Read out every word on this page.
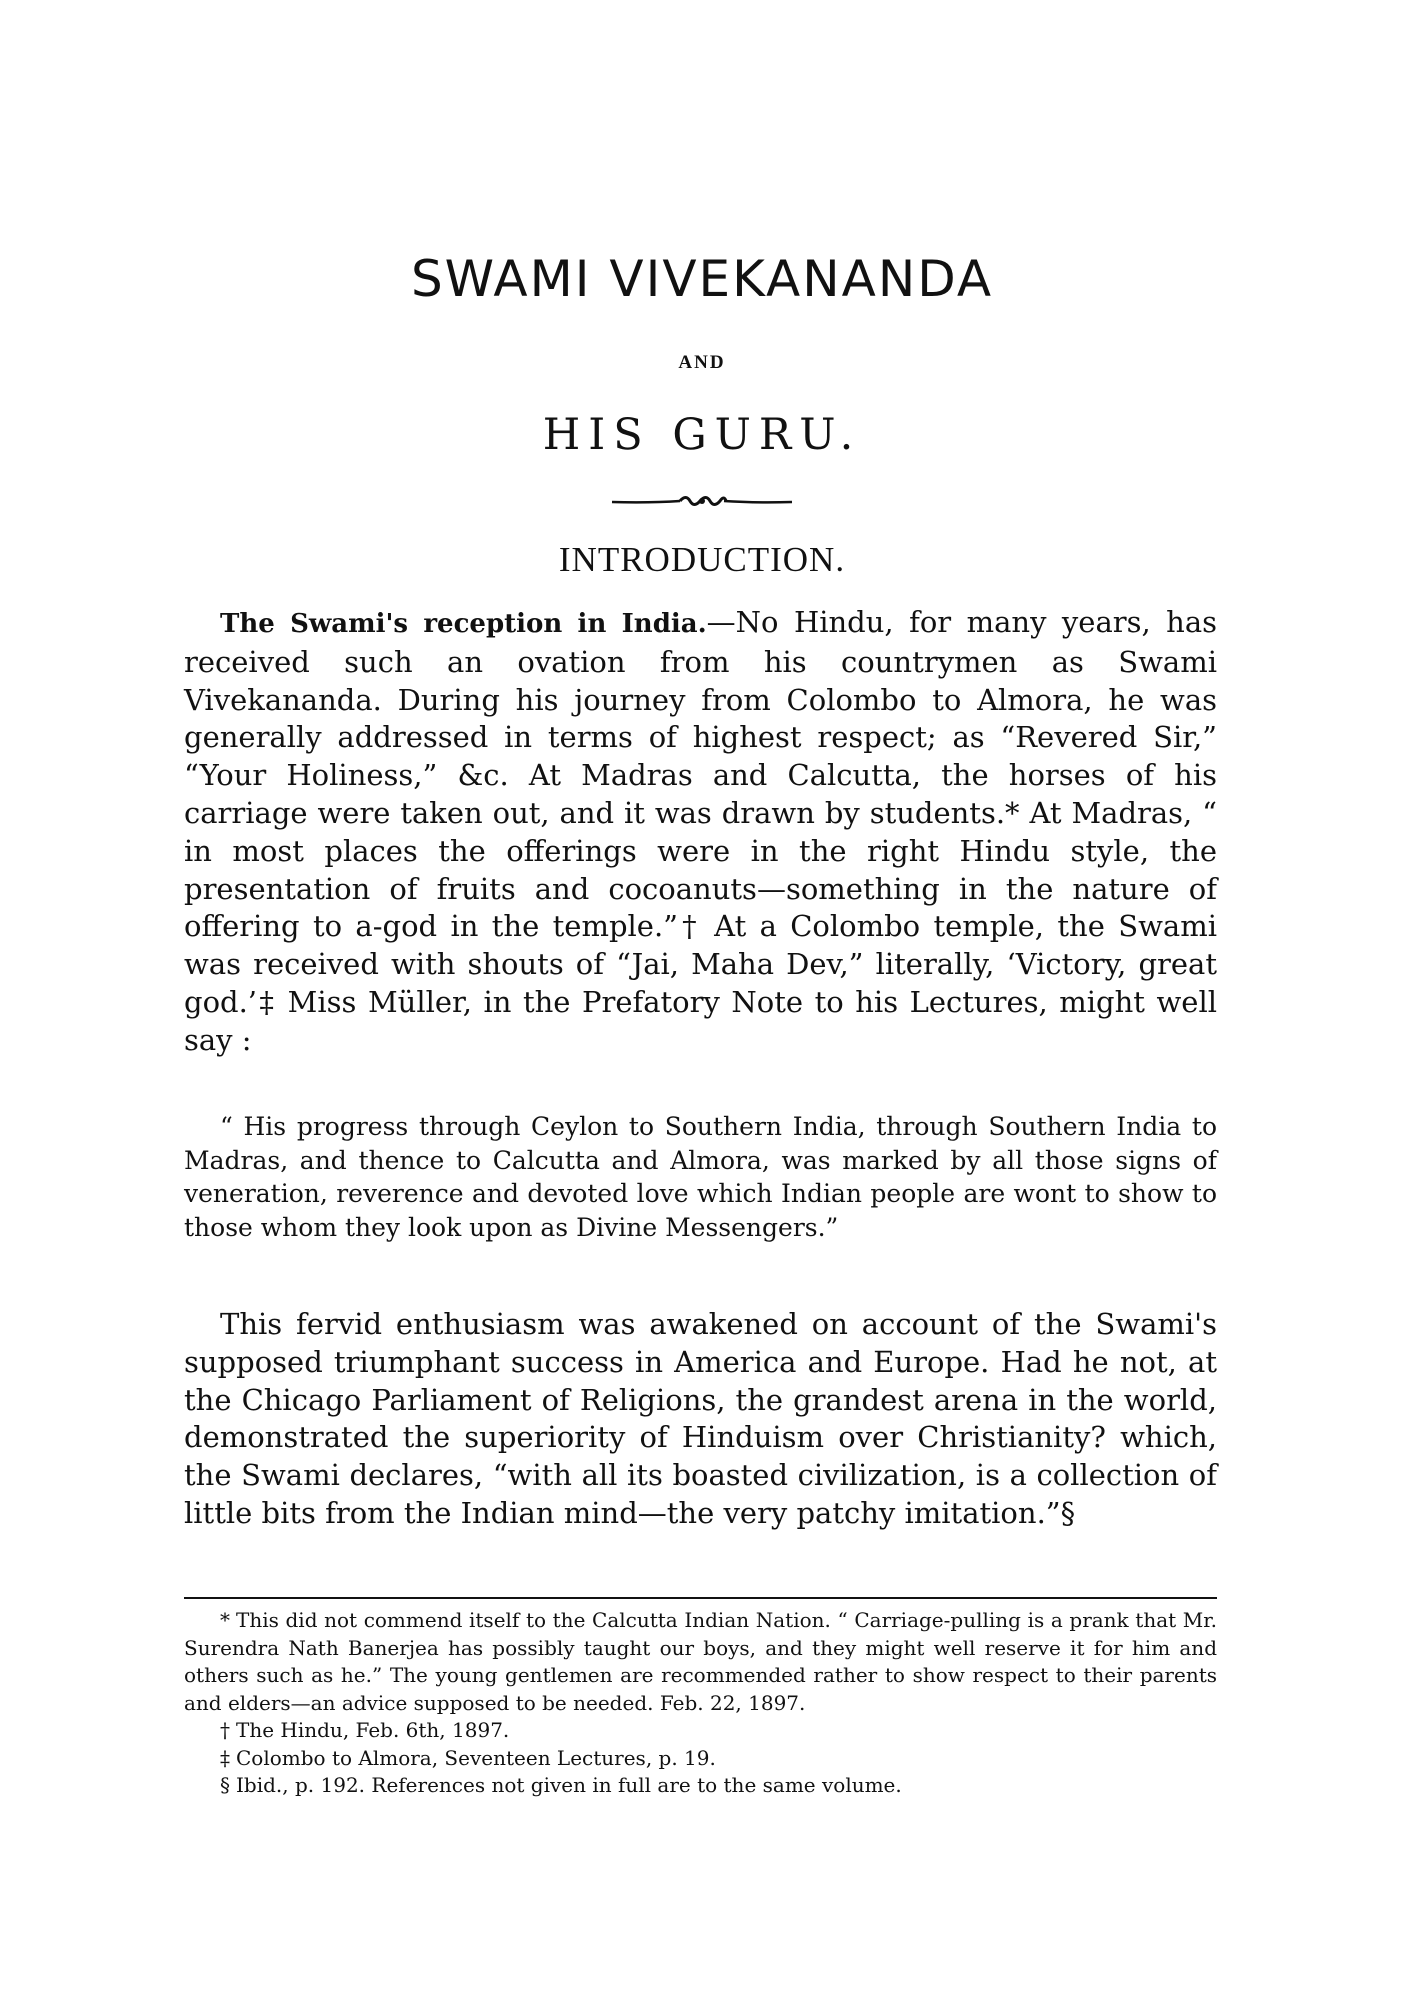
SWAMI VIVEKANANDA
AND
HIS GURU.
INTRODUCTION.
The Swami's reception in India.—No Hindu, for many years, has received such an ovation from his countrymen as Swami Vivekananda. During his journey from Colombo to Almora, he was generally addressed in terms of highest respect; as “Revered Sir,” “Your Holiness,” &c. At Madras and Calcutta, the horses of his carriage were taken out, and it was drawn by students.* At Madras, “ in most places the offerings were in the right Hindu style, the presentation of fruits and cocoanuts—something in the nature of offering to a-god in the temple.”† At a Colombo temple, the Swami was received with shouts of “Jai, Maha Dev,” literally, ‘Victory, great god.’‡ Miss Müller, in the Prefatory Note to his Lectures, might well say :
“ His progress through Ceylon to Southern India, through Southern India to Madras, and thence to Calcutta and Almora, was marked by all those signs of veneration, reverence and devoted love which Indian people are wont to show to those whom they look upon as Divine Messengers.”
This fervid enthusiasm was awakened on account of the Swami's supposed triumphant success in America and Europe. Had he not, at the Chicago Parliament of Religions, the grandest arena in the world, demonstrated the superiority of Hinduism over Christianity? which, the Swami declares, “with all its boasted civilization, is a collection of little bits from the Indian mind—the very patchy imitation.”§

* This did not commend itself to the Calcutta Indian Nation. “ Carriage-pulling is a prank that Mr. Surendra Nath Banerjea has possibly taught our boys, and they might well reserve it for him and others such as he.” The young gentlemen are recommended rather to show respect to their parents and elders—an advice supposed to be needed. Feb. 22, 1897.

† The Hindu, Feb. 6th, 1897.

‡ Colombo to Almora, Seventeen Lectures, p. 19.

§ Ibid., p. 192. References not given in full are to the same volume.
